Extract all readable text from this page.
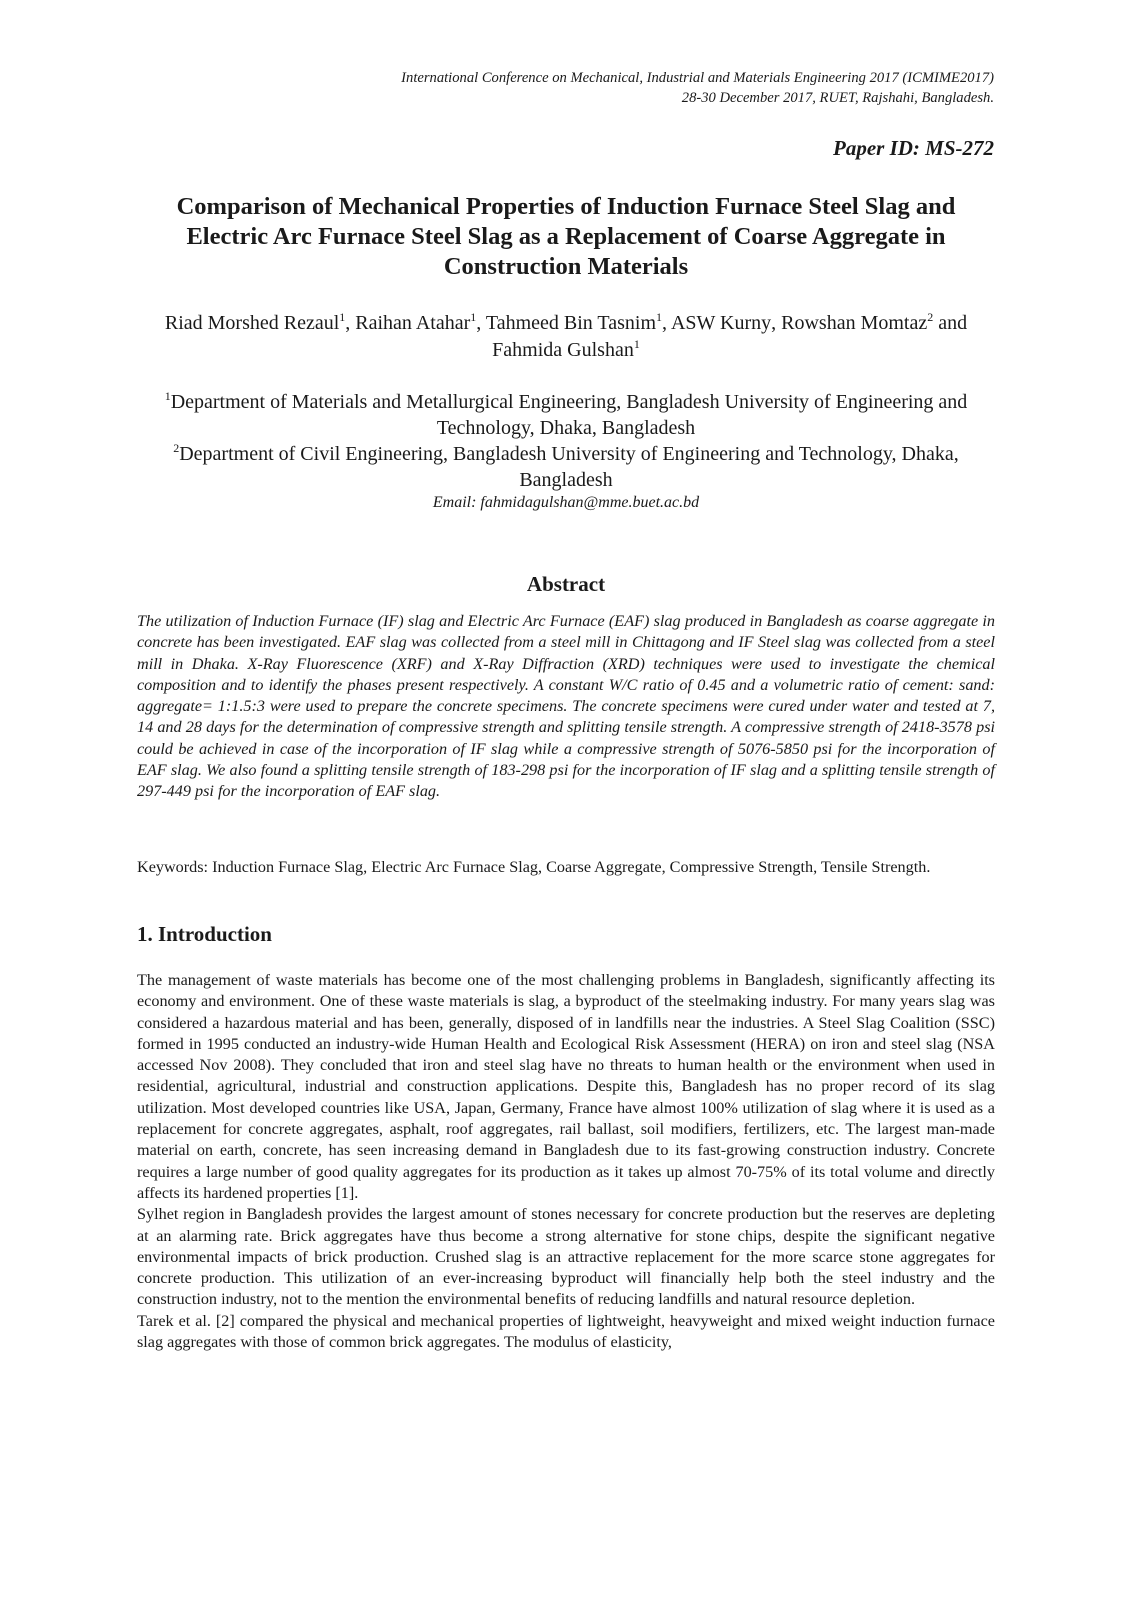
International Conference on Mechanical, Industrial and Materials Engineering 2017 (ICMIME2017)
28-30 December 2017, RUET, Rajshahi, Bangladesh.
Paper ID: MS-272
Comparison of Mechanical Properties of Induction Furnace Steel Slag and Electric Arc Furnace Steel Slag as a Replacement of Coarse Aggregate in Construction Materials
Riad Morshed Rezaul$^1$, Raihan Atahar$^1$, Tahmeed Bin Tasnim$^1$, ASW Kurny, Rowshan Momtaz$^2$ and Fahmida Gulshan$^1$
$^1$Department of Materials and Metallurgical Engineering, Bangladesh University of Engineering and Technology, Dhaka, Bangladesh
$^2$Department of Civil Engineering, Bangladesh University of Engineering and Technology, Dhaka, Bangladesh
Email: fahmidagulshan@mme.buet.ac.bd
Abstract
The utilization of Induction Furnace (IF) slag and Electric Arc Furnace (EAF) slag produced in Bangladesh as coarse aggregate in concrete has been investigated. EAF slag was collected from a steel mill in Chittagong and IF Steel slag was collected from a steel mill in Dhaka. X-Ray Fluorescence (XRF) and X-Ray Diffraction (XRD) techniques were used to investigate the chemical composition and to identify the phases present respectively. A constant W/C ratio of 0.45 and a volumetric ratio of cement: sand: aggregate= 1:1.5:3 were used to prepare the concrete specimens. The concrete specimens were cured under water and tested at 7, 14 and 28 days for the determination of compressive strength and splitting tensile strength. A compressive strength of 2418-3578 psi could be achieved in case of the incorporation of IF slag while a compressive strength of 5076-5850 psi for the incorporation of EAF slag. We also found a splitting tensile strength of 183-298 psi for the incorporation of IF slag and a splitting tensile strength of 297-449 psi for the incorporation of EAF slag.
Keywords: Induction Furnace Slag, Electric Arc Furnace Slag, Coarse Aggregate, Compressive Strength, Tensile Strength.
1. Introduction

The management of waste materials has become one of the most challenging problems in Bangladesh, significantly affecting its economy and environment. One of these waste materials is slag, a byproduct of the steelmaking industry. For many years slag was considered a hazardous material and has been, generally, disposed of in landfills near the industries. A Steel Slag Coalition (SSC) formed in 1995 conducted an industry-wide Human Health and Ecological Risk Assessment (HERA) on iron and steel slag (NSA accessed Nov 2008). They concluded that iron and steel slag have no threats to human health or the environment when used in residential, agricultural, industrial and construction applications. Despite this, Bangladesh has no proper record of its slag utilization. Most developed countries like USA, Japan, Germany, France have almost 100% utilization of slag where it is used as a replacement for concrete aggregates, asphalt, roof aggregates, rail ballast, soil modifiers, fertilizers, etc. The largest man-made material on earth, concrete, has seen increasing demand in Bangladesh due to its fast-growing construction industry. Concrete requires a large number of good quality aggregates for its production as it takes up almost 70-75% of its total volume and directly affects its hardened properties [1].

Sylhet region in Bangladesh provides the largest amount of stones necessary for concrete production but the reserves are depleting at an alarming rate. Brick aggregates have thus become a strong alternative for stone chips, despite the significant negative environmental impacts of brick production. Crushed slag is an attractive replacement for the more scarce stone aggregates for concrete production. This utilization of an ever-increasing byproduct will financially help both the steel industry and the construction industry, not to the mention the environmental benefits of reducing landfills and natural resource depletion.

Tarek et al. [2] compared the physical and mechanical properties of lightweight, heavyweight and mixed weight induction furnace slag aggregates with those of common brick aggregates. The modulus of elasticity,
